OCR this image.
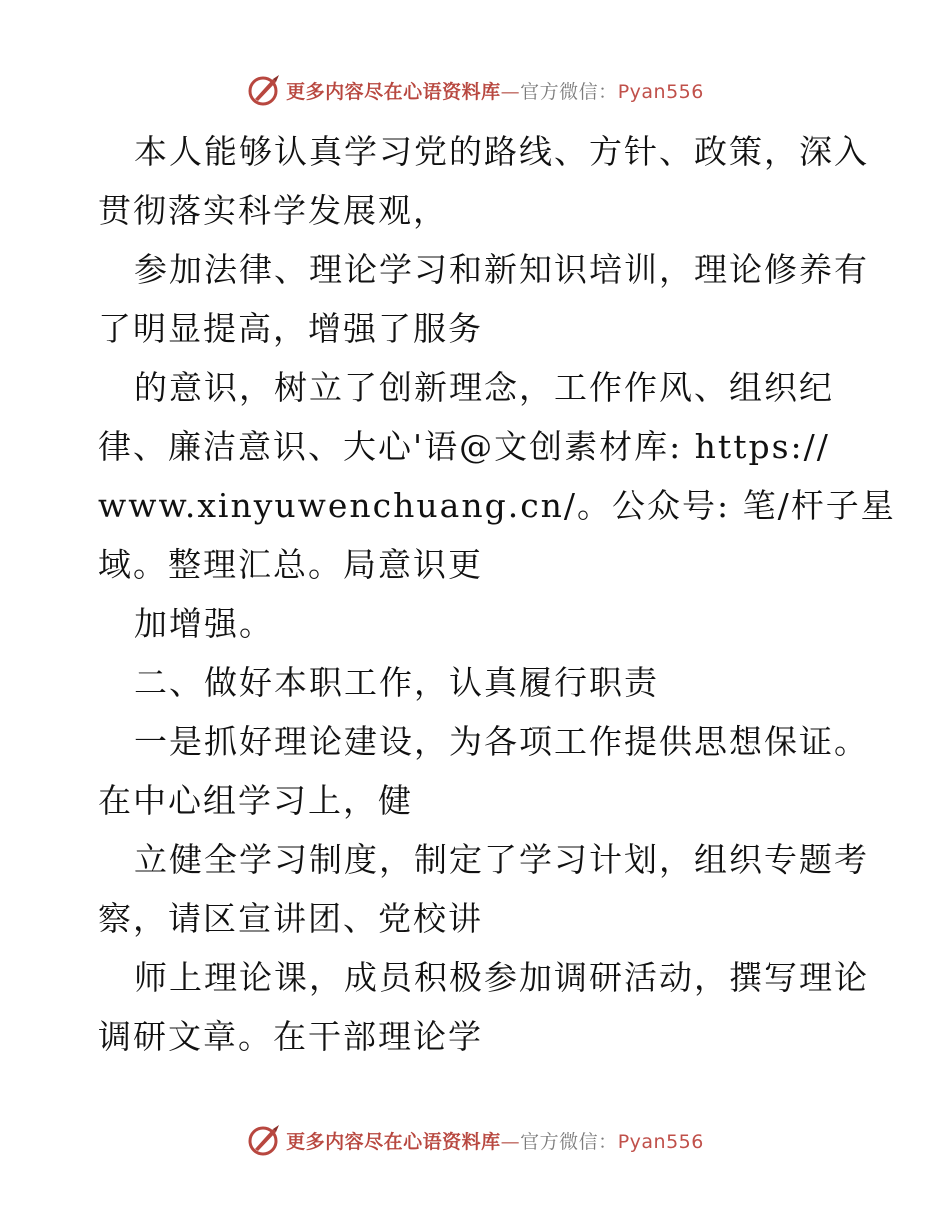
更多内容尽在心语资料库—官方微信：Pyan556
本人能够认真学习党的路线、方针、政策，深入
贯彻落实科学发展观，
参加法律、理论学习和新知识培训，理论修养有
了明显提高，增强了服务
的意识，树立了创新理念，工作作风、组织纪
律、廉洁意识、大心'语@文创素材库: https://
www.xinyuwenchuang.cn/。公众号: 笔/杆子星
域。整理汇总。局意识更
加增强。
二、做好本职工作，认真履行职责
一是抓好理论建设，为各项工作提供思想保证。
在中心组学习上，健
立健全学习制度，制定了学习计划，组织专题考
察，请区宣讲团、党校讲
师上理论课，成员积极参加调研活动，撰写理论
调研文章。在干部理论学
更多内容尽在心语资料库—官方微信：Pyan556
